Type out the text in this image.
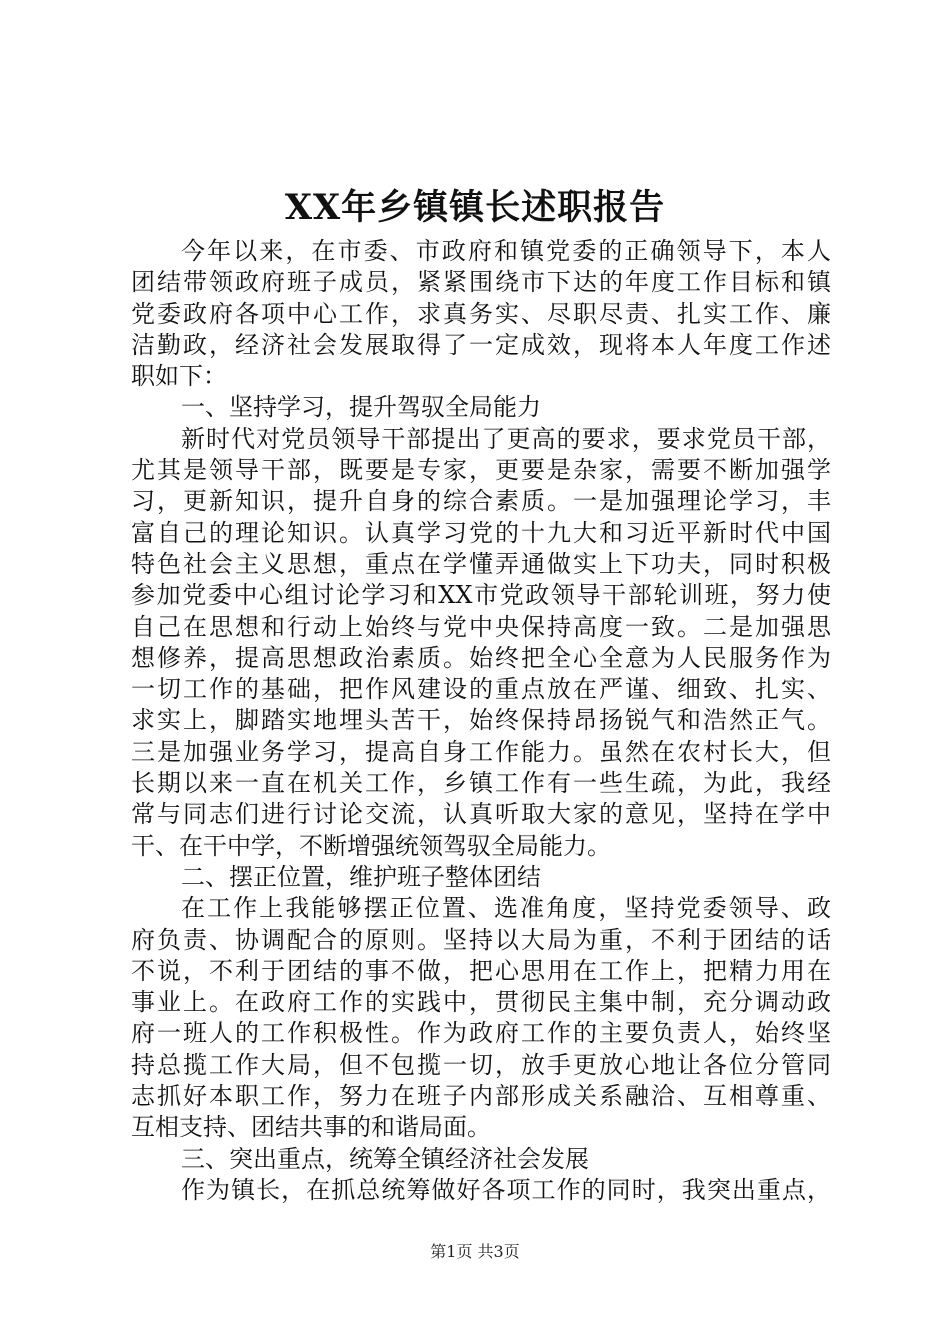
XX年乡镇镇长述职报告
今年以来，在市委、市政府和镇党委的正确领导下，本人
团结带领政府班子成员，紧紧围绕市下达的年度工作目标和镇
党委政府各项中心工作，求真务实、尽职尽责、扎实工作、廉
洁勤政，经济社会发展取得了一定成效，现将本人年度工作述
职如下：
一、坚持学习，提升驾驭全局能力
新时代对党员领导干部提出了更高的要求，要求党员干部，
尤其是领导干部，既要是专家，更要是杂家，需要不断加强学
习，更新知识，提升自身的综合素质。一是加强理论学习，丰
富自己的理论知识。认真学习党的十九大和习近平新时代中国
特色社会主义思想，重点在学懂弄通做实上下功夫，同时积极
参加党委中心组讨论学习和XX市党政领导干部轮训班，努力使
自己在思想和行动上始终与党中央保持高度一致。二是加强思
想修养，提高思想政治素质。始终把全心全意为人民服务作为
一切工作的基础，把作风建设的重点放在严谨、细致、扎实、
求实上，脚踏实地埋头苦干，始终保持昂扬锐气和浩然正气。
三是加强业务学习，提高自身工作能力。虽然在农村长大，但
长期以来一直在机关工作，乡镇工作有一些生疏，为此，我经
常与同志们进行讨论交流，认真听取大家的意见，坚持在学中
干、在干中学，不断增强统领驾驭全局能力。
二、摆正位置，维护班子整体团结
在工作上我能够摆正位置、选准角度，坚持党委领导、政
府负责、协调配合的原则。坚持以大局为重，不利于团结的话
不说，不利于团结的事不做，把心思用在工作上，把精力用在
事业上。在政府工作的实践中，贯彻民主集中制，充分调动政
府一班人的工作积极性。作为政府工作的主要负责人，始终坚
持总揽工作大局，但不包揽一切，放手更放心地让各位分管同
志抓好本职工作，努力在班子内部形成关系融洽、互相尊重、
互相支持、团结共事的和谐局面。
三、突出重点，统筹全镇经济社会发展
作为镇长，在抓总统筹做好各项工作的同时，我突出重点，
第1页 共3页
